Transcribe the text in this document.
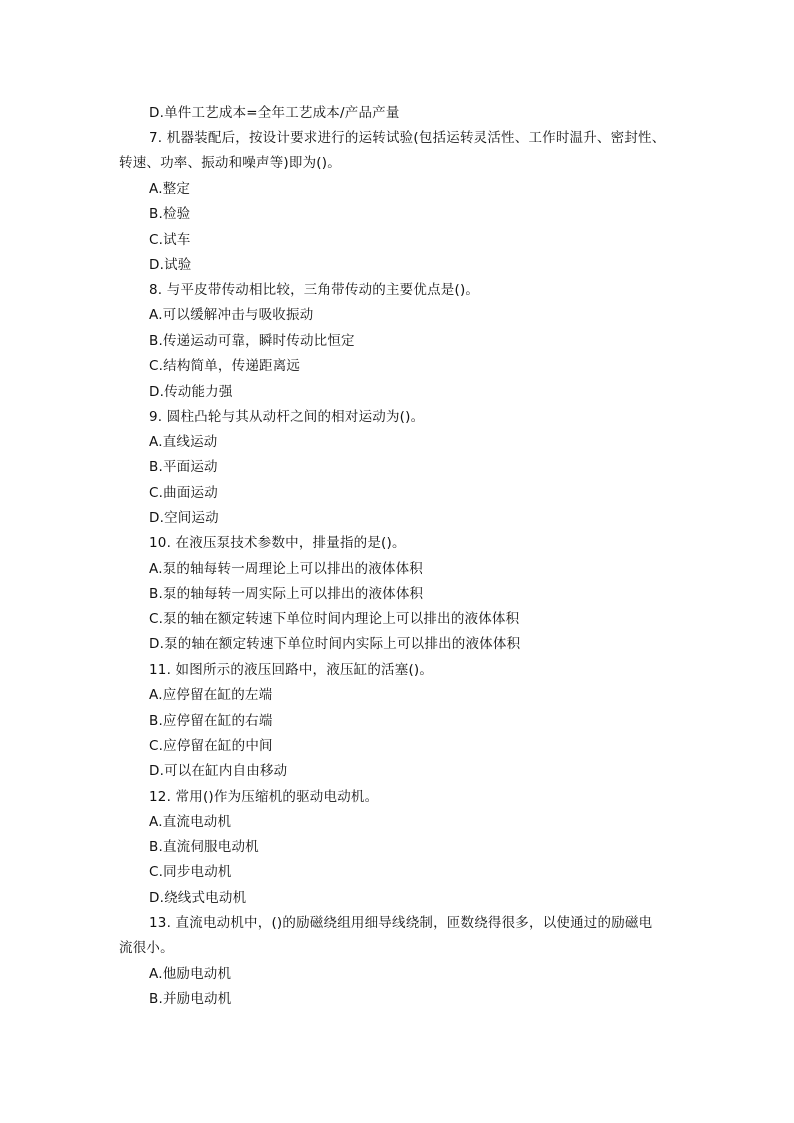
D.单件工艺成本=全年工艺成本/产品产量
7. 机器装配后，按设计要求进行的运转试验(包括运转灵活性、工作时温升、密封性、
转速、功率、振动和噪声等)即为()。
A.整定
B.检验
C.试车
D.试验
8. 与平皮带传动相比较，三角带传动的主要优点是()。
A.可以缓解冲击与吸收振动
B.传递运动可靠，瞬时传动比恒定
C.结构简单，传递距离远
D.传动能力强
9. 圆柱凸轮与其从动杆之间的相对运动为()。
A.直线运动
B.平面运动
C.曲面运动
D.空间运动
10. 在液压泵技术参数中，排量指的是()。
A.泵的轴每转一周理论上可以排出的液体体积
B.泵的轴每转一周实际上可以排出的液体体积
C.泵的轴在额定转速下单位时间内理论上可以排出的液体体积
D.泵的轴在额定转速下单位时间内实际上可以排出的液体体积
11. 如图所示的液压回路中，液压缸的活塞()。
A.应停留在缸的左端
B.应停留在缸的右端
C.应停留在缸的中间
D.可以在缸内自由移动
12. 常用()作为压缩机的驱动电动机。
A.直流电动机
B.直流伺服电动机
C.同步电动机
D.绕线式电动机
13. 直流电动机中，()的励磁绕组用细导线绕制，匝数绕得很多，以使通过的励磁电
流很小。
A.他励电动机
B.并励电动机
